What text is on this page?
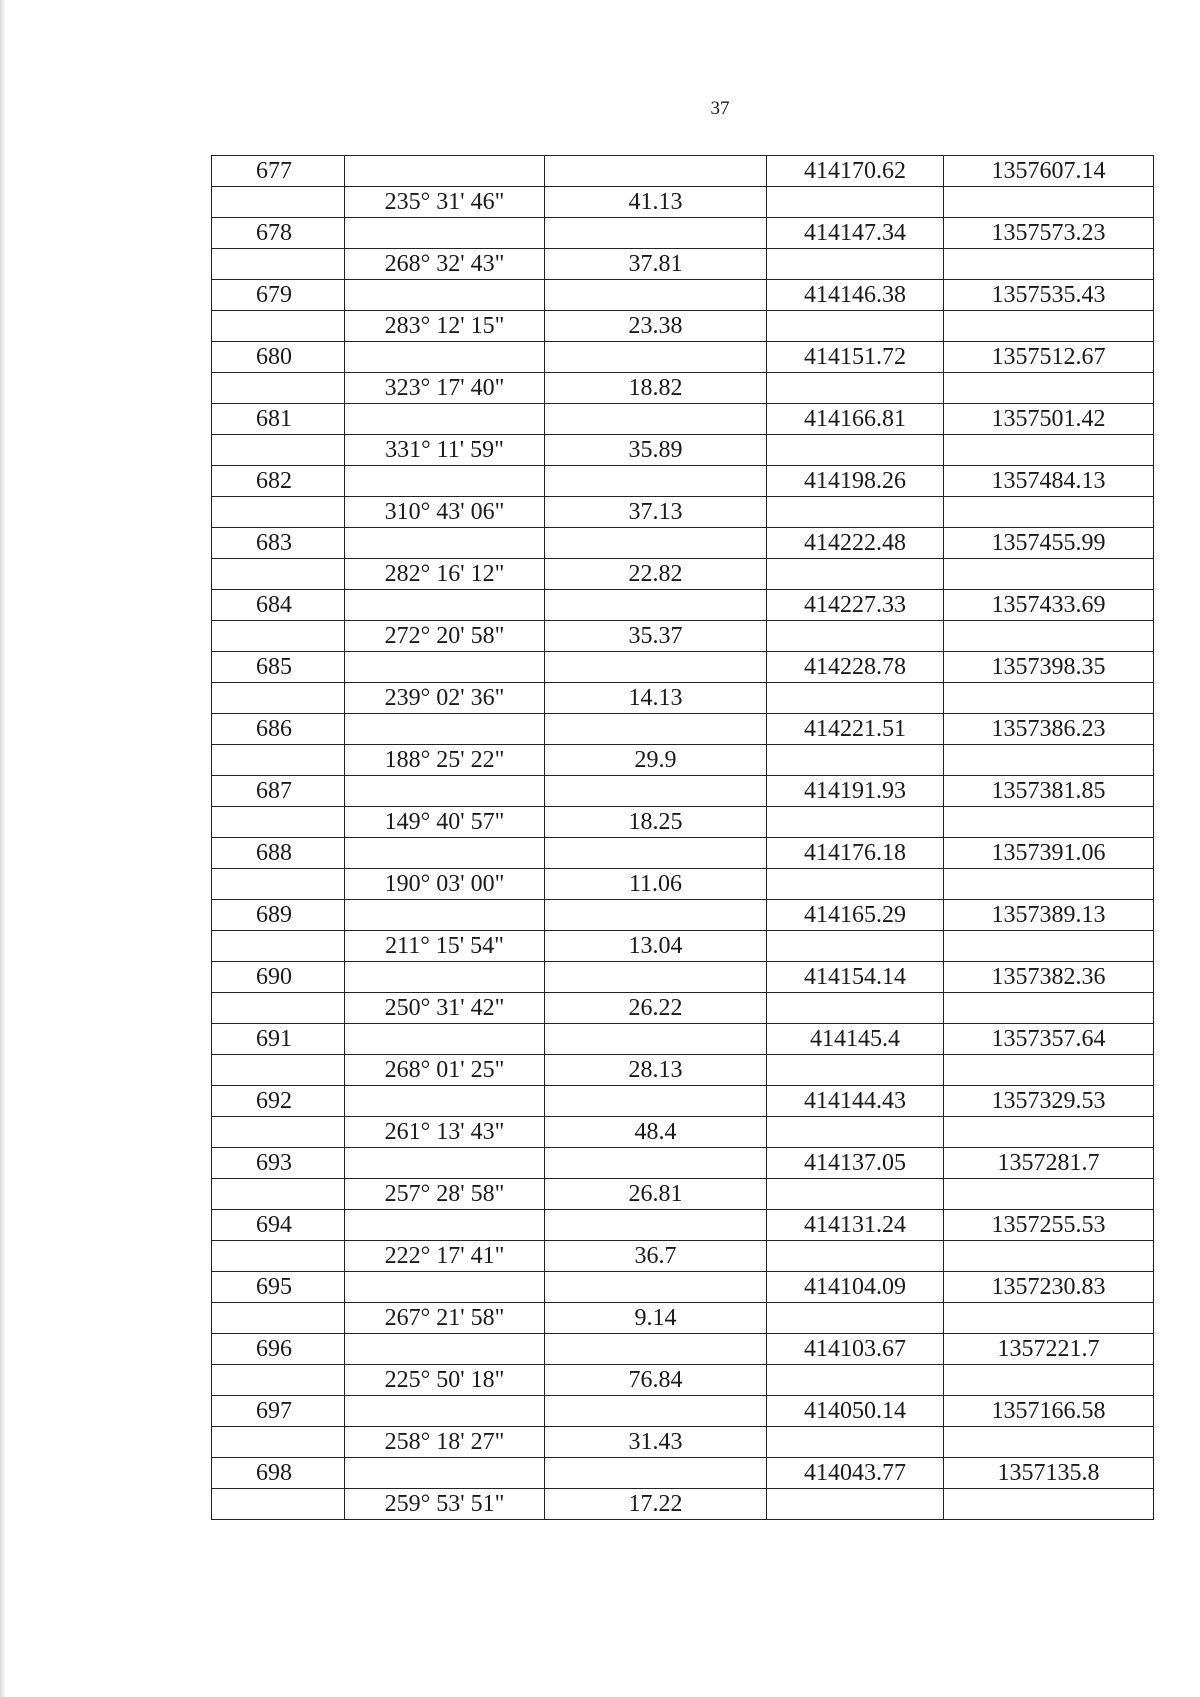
37
677			414170.62	1357607.14
	235° 31' 46"	41.13		
678			414147.34	1357573.23
	268° 32' 43"	37.81		
679			414146.38	1357535.43
	283° 12' 15"	23.38		
680			414151.72	1357512.67
	323° 17' 40"	18.82		
681			414166.81	1357501.42
	331° 11' 59"	35.89		
682			414198.26	1357484.13
	310° 43' 06"	37.13		
683			414222.48	1357455.99
	282° 16' 12"	22.82		
684			414227.33	1357433.69
	272° 20' 58"	35.37		
685			414228.78	1357398.35
	239° 02' 36"	14.13		
686			414221.51	1357386.23
	188° 25' 22"	29.9		
687			414191.93	1357381.85
	149° 40' 57"	18.25		
688			414176.18	1357391.06
	190° 03' 00"	11.06		
689			414165.29	1357389.13
	211° 15' 54"	13.04		
690			414154.14	1357382.36
	250° 31' 42"	26.22		
691			414145.4	1357357.64
	268° 01' 25"	28.13		
692			414144.43	1357329.53
	261° 13' 43"	48.4		
693			414137.05	1357281.7
	257° 28' 58"	26.81		
694			414131.24	1357255.53
	222° 17' 41"	36.7		
695			414104.09	1357230.83
	267° 21' 58"	9.14		
696			414103.67	1357221.7
	225° 50' 18"	76.84		
697			414050.14	1357166.58
	258° 18' 27"	31.43		
698			414043.77	1357135.8
	259° 53' 51"	17.22		
